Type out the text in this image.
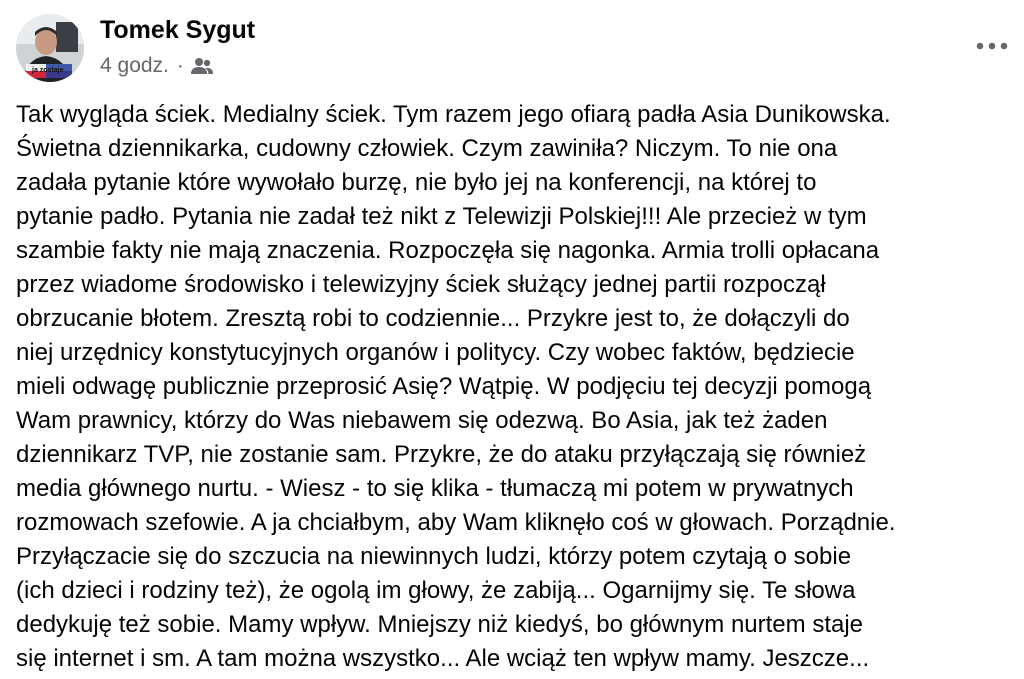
ja zostaje
Tomek Sygut
4 godz. ·
Tak wygląda ściek. Medialny ściek. Tym razem jego ofiarą padła Asia Dunikowska.
Świetna dziennikarka, cudowny człowiek. Czym zawiniła? Niczym. To nie ona
zadała pytanie które wywołało burzę, nie było jej na konferencji, na której to
pytanie padło. Pytania nie zadał też nikt z Telewizji Polskiej!!! Ale przecież w tym
szambie fakty nie mają znaczenia. Rozpoczęła się nagonka. Armia trolli opłacana
przez wiadome środowisko i telewizyjny ściek służący jednej partii rozpoczął
obrzucanie błotem. Zresztą robi to codziennie... Przykre jest to, że dołączyli do
niej urzędnicy konstytucyjnych organów i politycy. Czy wobec faktów, będziecie
mieli odwagę publicznie przeprosić Asię? Wątpię. W podjęciu tej decyzji pomogą
Wam prawnicy, którzy do Was niebawem się odezwą. Bo Asia, jak też żaden
dziennikarz TVP, nie zostanie sam. Przykre, że do ataku przyłączają się również
media głównego nurtu. - Wiesz - to się klika - tłumaczą mi potem w prywatnych
rozmowach szefowie. A ja chciałbym, aby Wam kliknęło coś w głowach. Porządnie.
Przyłączacie się do szczucia na niewinnych ludzi, którzy potem czytają o sobie
(ich dzieci i rodziny też), że ogolą im głowy, że zabiją... Ogarnijmy się. Te słowa
dedykuję też sobie. Mamy wpływ. Mniejszy niż kiedyś, bo głównym nurtem staje
się internet i sm. A tam można wszystko... Ale wciąż ten wpływ mamy. Jeszcze...
